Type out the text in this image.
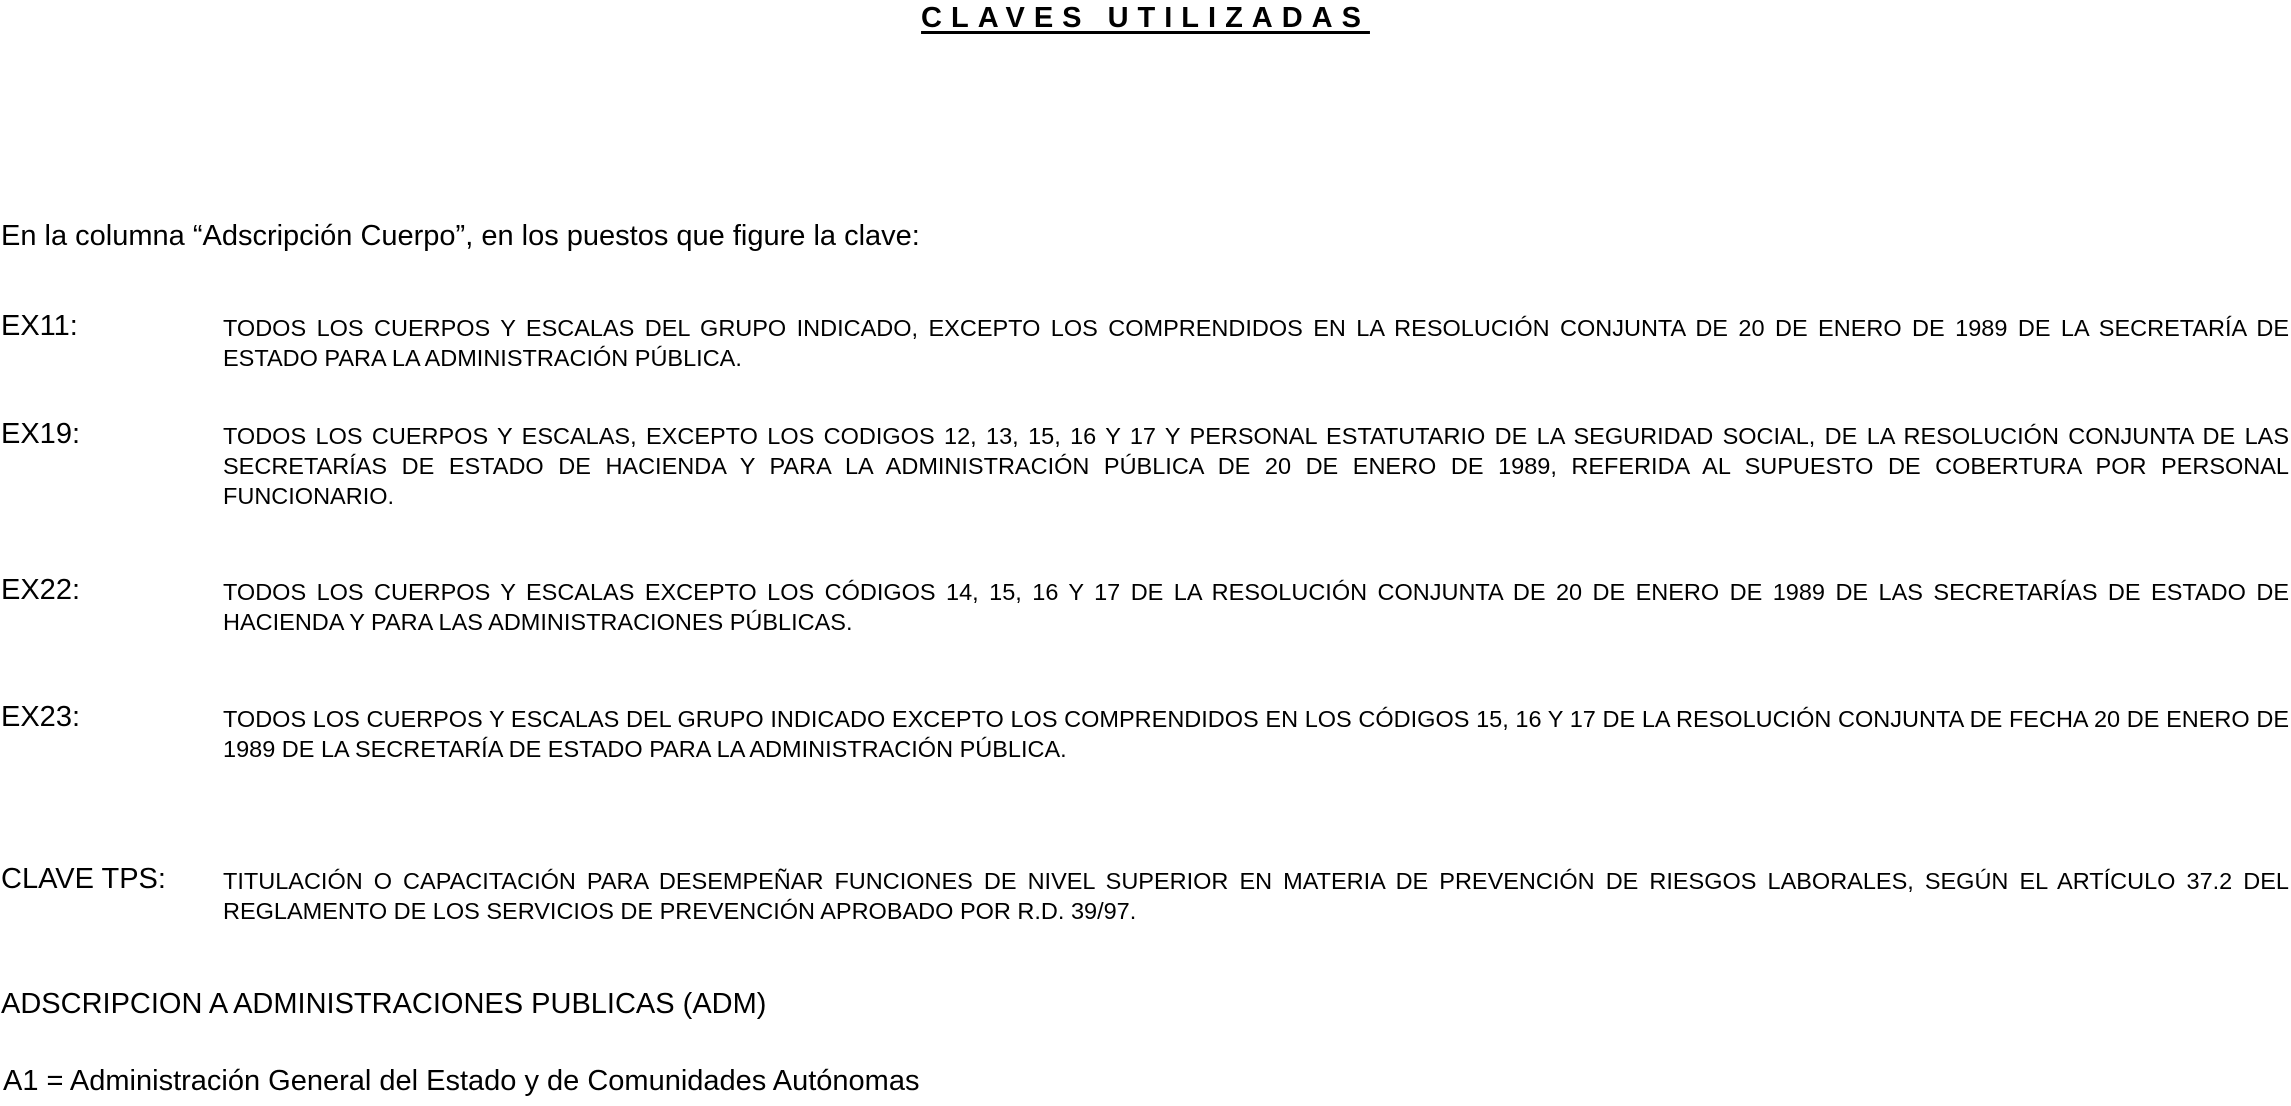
CLAVES UTILIZADAS
En la columna “Adscripción Cuerpo”, en los puestos que figure la clave:
EX11:	TODOS LOS CUERPOS Y ESCALAS DEL GRUPO INDICADO, EXCEPTO LOS COMPRENDIDOS EN LA RESOLUCIÓN CONJUNTA DE 20 DE ENERO DE 1989 DE LA SECRETARÍA DE ESTADO PARA LA ADMINISTRACIÓN PÚBLICA.
EX19:	TODOS LOS CUERPOS Y ESCALAS, EXCEPTO LOS CODIGOS 12, 13, 15, 16 Y 17 Y PERSONAL ESTATUTARIO DE LA SEGURIDAD SOCIAL, DE LA RESOLUCIÓN CONJUNTA DE LAS SECRETARÍAS DE ESTADO DE HACIENDA Y PARA LA ADMINISTRACIÓN PÚBLICA DE 20 DE ENERO DE 1989, REFERIDA AL SUPUESTO DE COBERTURA POR PERSONAL FUNCIONARIO.
EX22:	TODOS LOS CUERPOS Y ESCALAS EXCEPTO LOS CÓDIGOS 14, 15, 16 Y 17 DE LA RESOLUCIÓN CONJUNTA DE 20 DE ENERO DE 1989 DE LAS SECRETARÍAS DE ESTADO DE HACIENDA Y PARA LAS ADMINISTRACIONES PÚBLICAS.
EX23:	TODOS LOS CUERPOS Y ESCALAS DEL GRUPO INDICADO EXCEPTO LOS COMPRENDIDOS EN LOS CÓDIGOS 15, 16 Y 17 DE LA RESOLUCIÓN CONJUNTA DE FECHA 20 DE ENERO DE 1989 DE LA SECRETARÍA DE ESTADO PARA LA ADMINISTRACIÓN PÚBLICA.
CLAVE TPS: TITULACIÓN O CAPACITACIÓN PARA DESEMPEÑAR FUNCIONES DE NIVEL SUPERIOR EN MATERIA DE PREVENCIÓN DE RIESGOS LABORALES, SEGÚN EL ARTÍCULO 37.2 DEL REGLAMENTO DE LOS SERVICIOS DE PREVENCIÓN APROBADO POR R.D. 39/97.
ADSCRIPCION A ADMINISTRACIONES PUBLICAS (ADM)
A1 = Administración General del Estado y de Comunidades Autónomas
